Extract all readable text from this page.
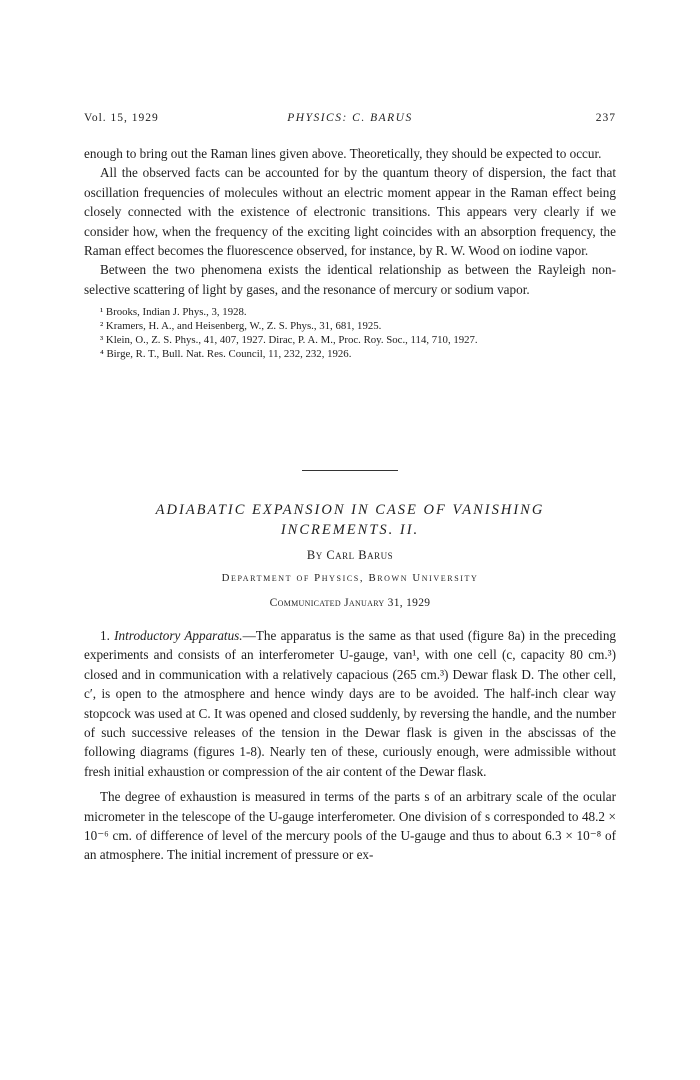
Vol. 15, 1929	PHYSICS: C. BARUS	237

enough to bring out the Raman lines given above. Theoretically, they should be expected to occur.

All the observed facts can be accounted for by the quantum theory of dispersion, the fact that oscillation frequencies of molecules without an electric moment appear in the Raman effect being closely connected with the existence of electronic transitions. This appears very clearly if we consider how, when the frequency of the exciting light coincides with an absorption frequency, the Raman effect becomes the fluorescence observed, for instance, by R. W. Wood on iodine vapor.

Between the two phenomena exists the identical relationship as between the Rayleigh non-selective scattering of light by gases, and the resonance of mercury or sodium vapor.

¹ Brooks, Indian J. Phys., 3, 1928.

² Kramers, H. A., and Heisenberg, W., Z. S. Phys., 31, 681, 1925.

³ Klein, O., Z. S. Phys., 41, 407, 1927. Dirac, P. A. M., Proc. Roy. Soc., 114, 710, 1927.

⁴ Birge, R. T., Bull. Nat. Res. Council, 11, 232, 232, 1926.

ADIABATIC EXPANSION IN CASE OF VANISHING
INCREMENTS. II.
By Carl Barus
Department of Physics, Brown University
Communicated January 31, 1929

1. Introductory Apparatus.—The apparatus is the same as that used (figure 8a) in the preceding experiments and consists of an interferometer U-gauge, van¹, with one cell (c, capacity 80 cm.³) closed and in communication with a relatively capacious (265 cm.³) Dewar flask D. The other cell, c′, is open to the atmosphere and hence windy days are to be avoided. The half-inch clear way stopcock was used at C. It was opened and closed suddenly, by reversing the handle, and the number of such successive releases of the tension in the Dewar flask is given in the abscissas of the following diagrams (figures 1-8). Nearly ten of these, curiously enough, were admissible without fresh initial exhaustion or compression of the air content of the Dewar flask.

The degree of exhaustion is measured in terms of the parts s of an arbitrary scale of the ocular micrometer in the telescope of the U-gauge interferometer. One division of s corresponded to 48.2 × 10⁻⁶ cm. of difference of level of the mercury pools of the U-gauge and thus to about 6.3 × 10⁻⁸ of an atmosphere. The initial increment of pressure or ex-
